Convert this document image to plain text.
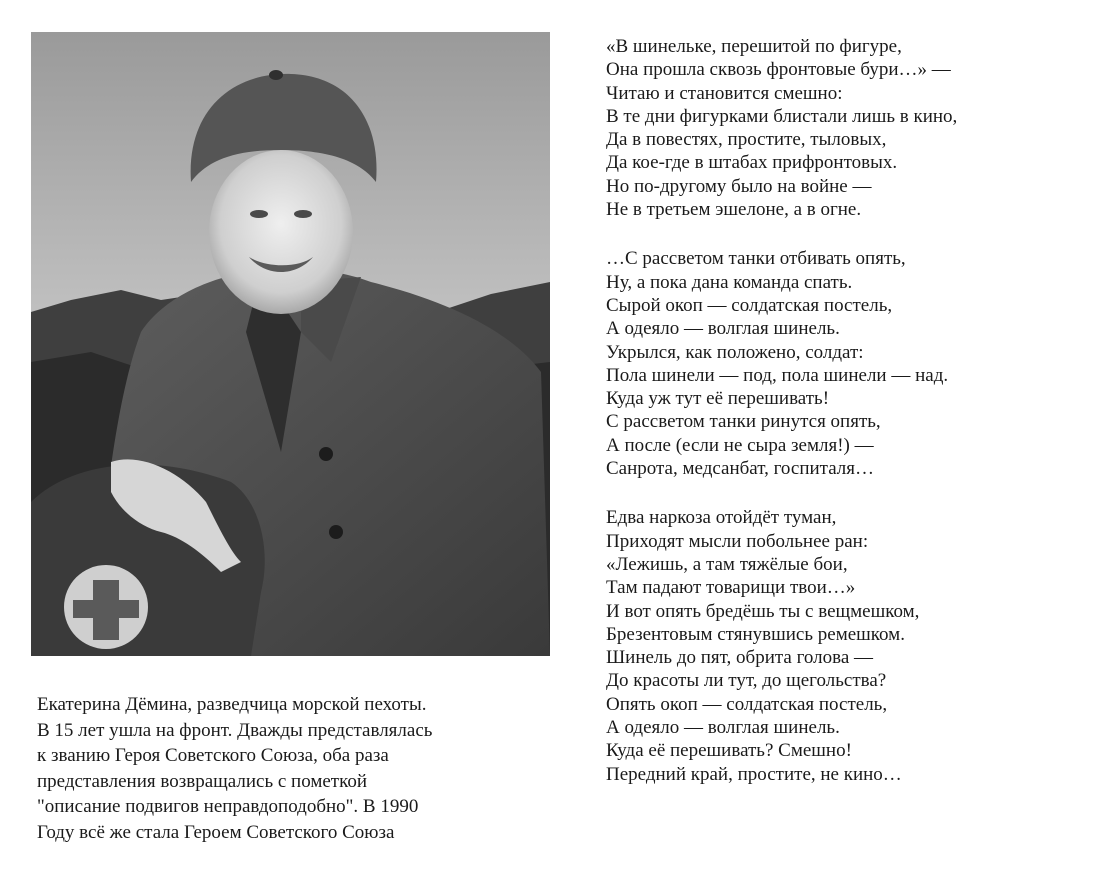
Екатерина Дёмина, разведчица морской пехоты.
В 15 лет ушла на фронт. Дважды представлялась
к званию Героя Советского Союза, оба раза
представления возвращались с пометкой
"описание подвигов неправдоподобно". В 1990
Году всё же стала Героем Советского Союза
«В шинельке, перешитой по фигуре,
Она прошла сквозь фронтовые бури…» —
Читаю и становится смешно:
В те дни фигурками блистали лишь в кино,
Да в повестях, простите, тыловых,
Да кое-где в штабах прифронтовых.
Но по-другому было на войне —
Не в третьем эшелоне, а в огне.
…С рассветом танки отбивать опять,
Ну, а пока дана команда спать.
Сырой окоп — солдатская постель,
А одеяло — волглая шинель.
Укрылся, как положено, солдат:
Пола шинели — под, пола шинели — над.
Куда уж тут её перешивать!
С рассветом танки ринутся опять,
А после (если не сыра земля!) —
Санрота, медсанбат, госпиталя…
Едва наркоза отойдёт туман,
Приходят мысли побольнее ран:
«Лежишь, а там тяжёлые бои,
Там падают товарищи твои…»
И вот опять бредёшь ты с вещмешком,
Брезентовым стянувшись ремешком.
Шинель до пят, обрита голова —
До красоты ли тут, до щегольства?
Опять окоп — солдатская постель,
А одеяло — волглая шинель.
Куда её перешивать? Смешно!
Передний край, простите, не кино…
